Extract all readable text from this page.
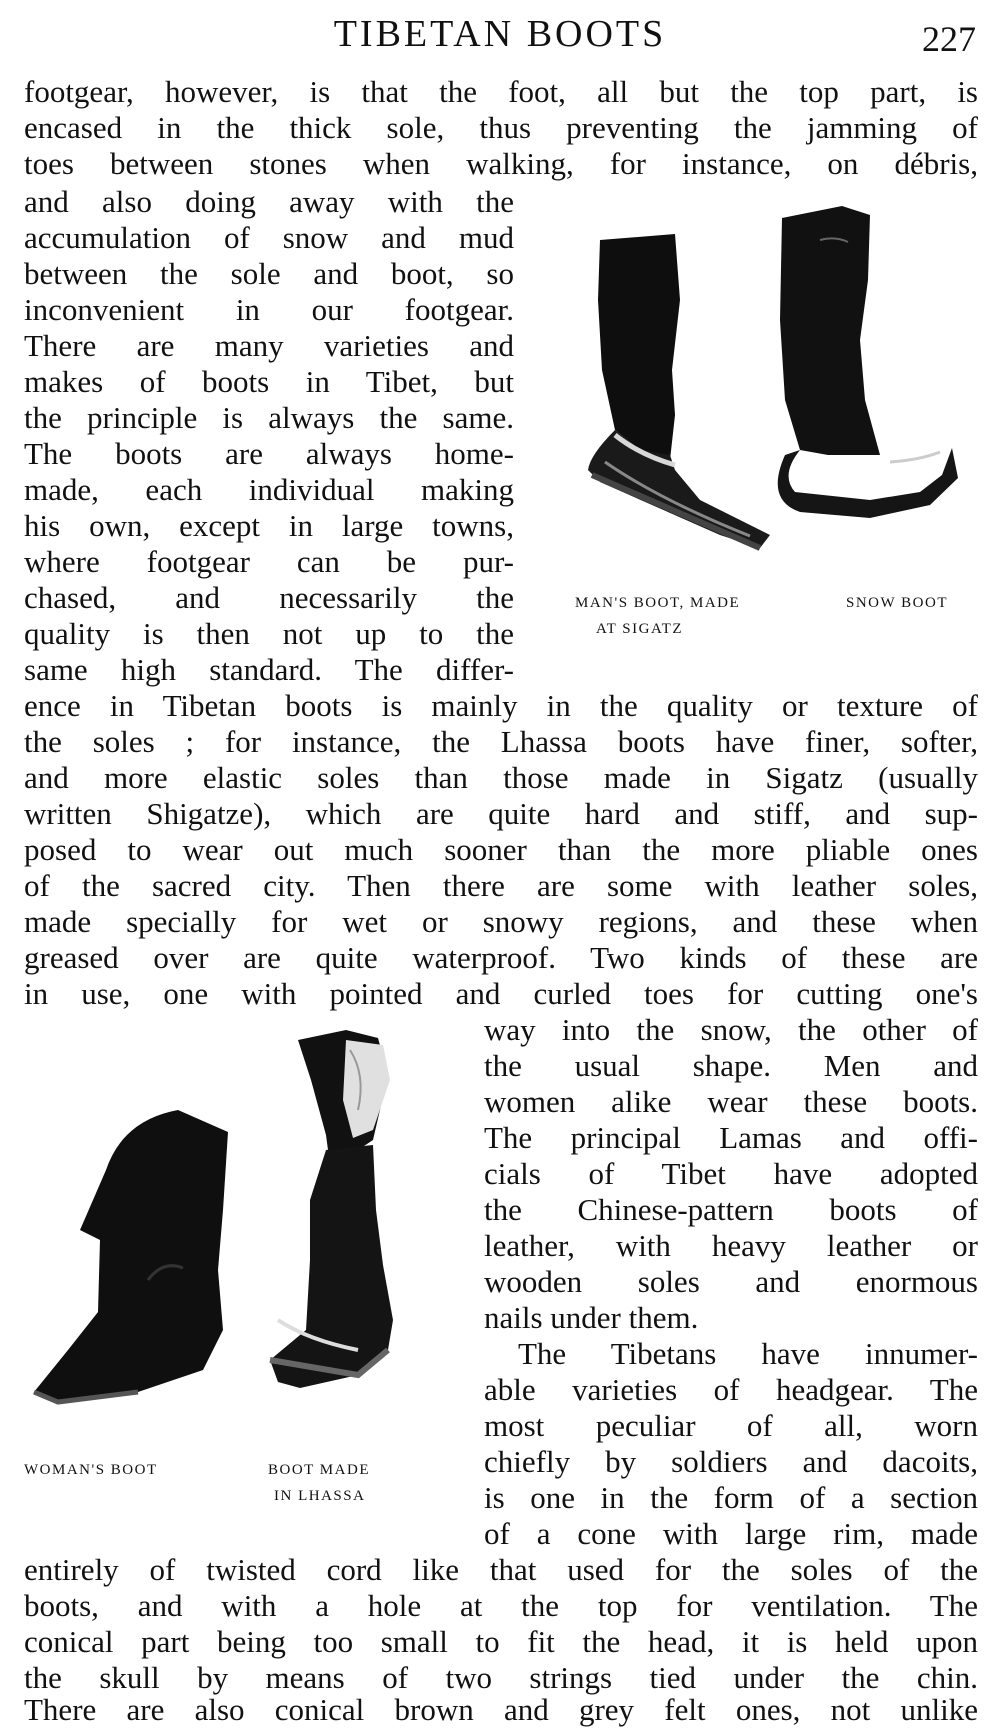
TIBETAN BOOTS	227
footgear, however, is that the foot, all but the top part, is
encased in the thick sole, thus preventing the jamming of
toes between stones when walking, for instance, on débris,
and also doing away with the
accumulation of snow and mud
between the sole and boot, so
inconvenient in our footgear.
There are many varieties and
makes of boots in Tibet, but
the principle is always the same.
The boots are always home-
made, each individual making
his own, except in large towns,
where footgear can be pur-
chased, and necessarily the
quality is then not up to the
same high standard. The differ-
ence in Tibetan boots is mainly in the quality or texture of
the soles ; for instance, the Lhassa boots have finer, softer,
and more elastic soles than those made in Sigatz (usually
written Shigatze), which are quite hard and stiff, and sup-
posed to wear out much sooner than the more pliable ones
of the sacred city. Then there are some with leather soles,
made specially for wet or snowy regions, and these when
greased over are quite waterproof. Two kinds of these are
in use, one with pointed and curled toes for cutting one's
way into the snow, the other of
the usual shape. Men and
women alike wear these boots.
The principal Lamas and offi-
cials of Tibet have adopted
the Chinese-pattern boots of
leather, with heavy leather or
wooden soles and enormous
nails under them.
The Tibetans have innumer-
able varieties of headgear. The
most peculiar of all, worn
chiefly by soldiers and dacoits,
is one in the form of a section
of a cone with large rim, made
entirely of twisted cord like that used for the soles of the
boots, and with a hole at the top for ventilation. The
conical part being too small to fit the head, it is held upon
the skull by means of two strings tied under the chin.
There are also conical brown and grey felt ones, not unlike
MAN'S BOOT, MADE
AT SIGATZ
SNOW BOOT
WOMAN'S BOOT	BOOT MADE
IN LHASSA
